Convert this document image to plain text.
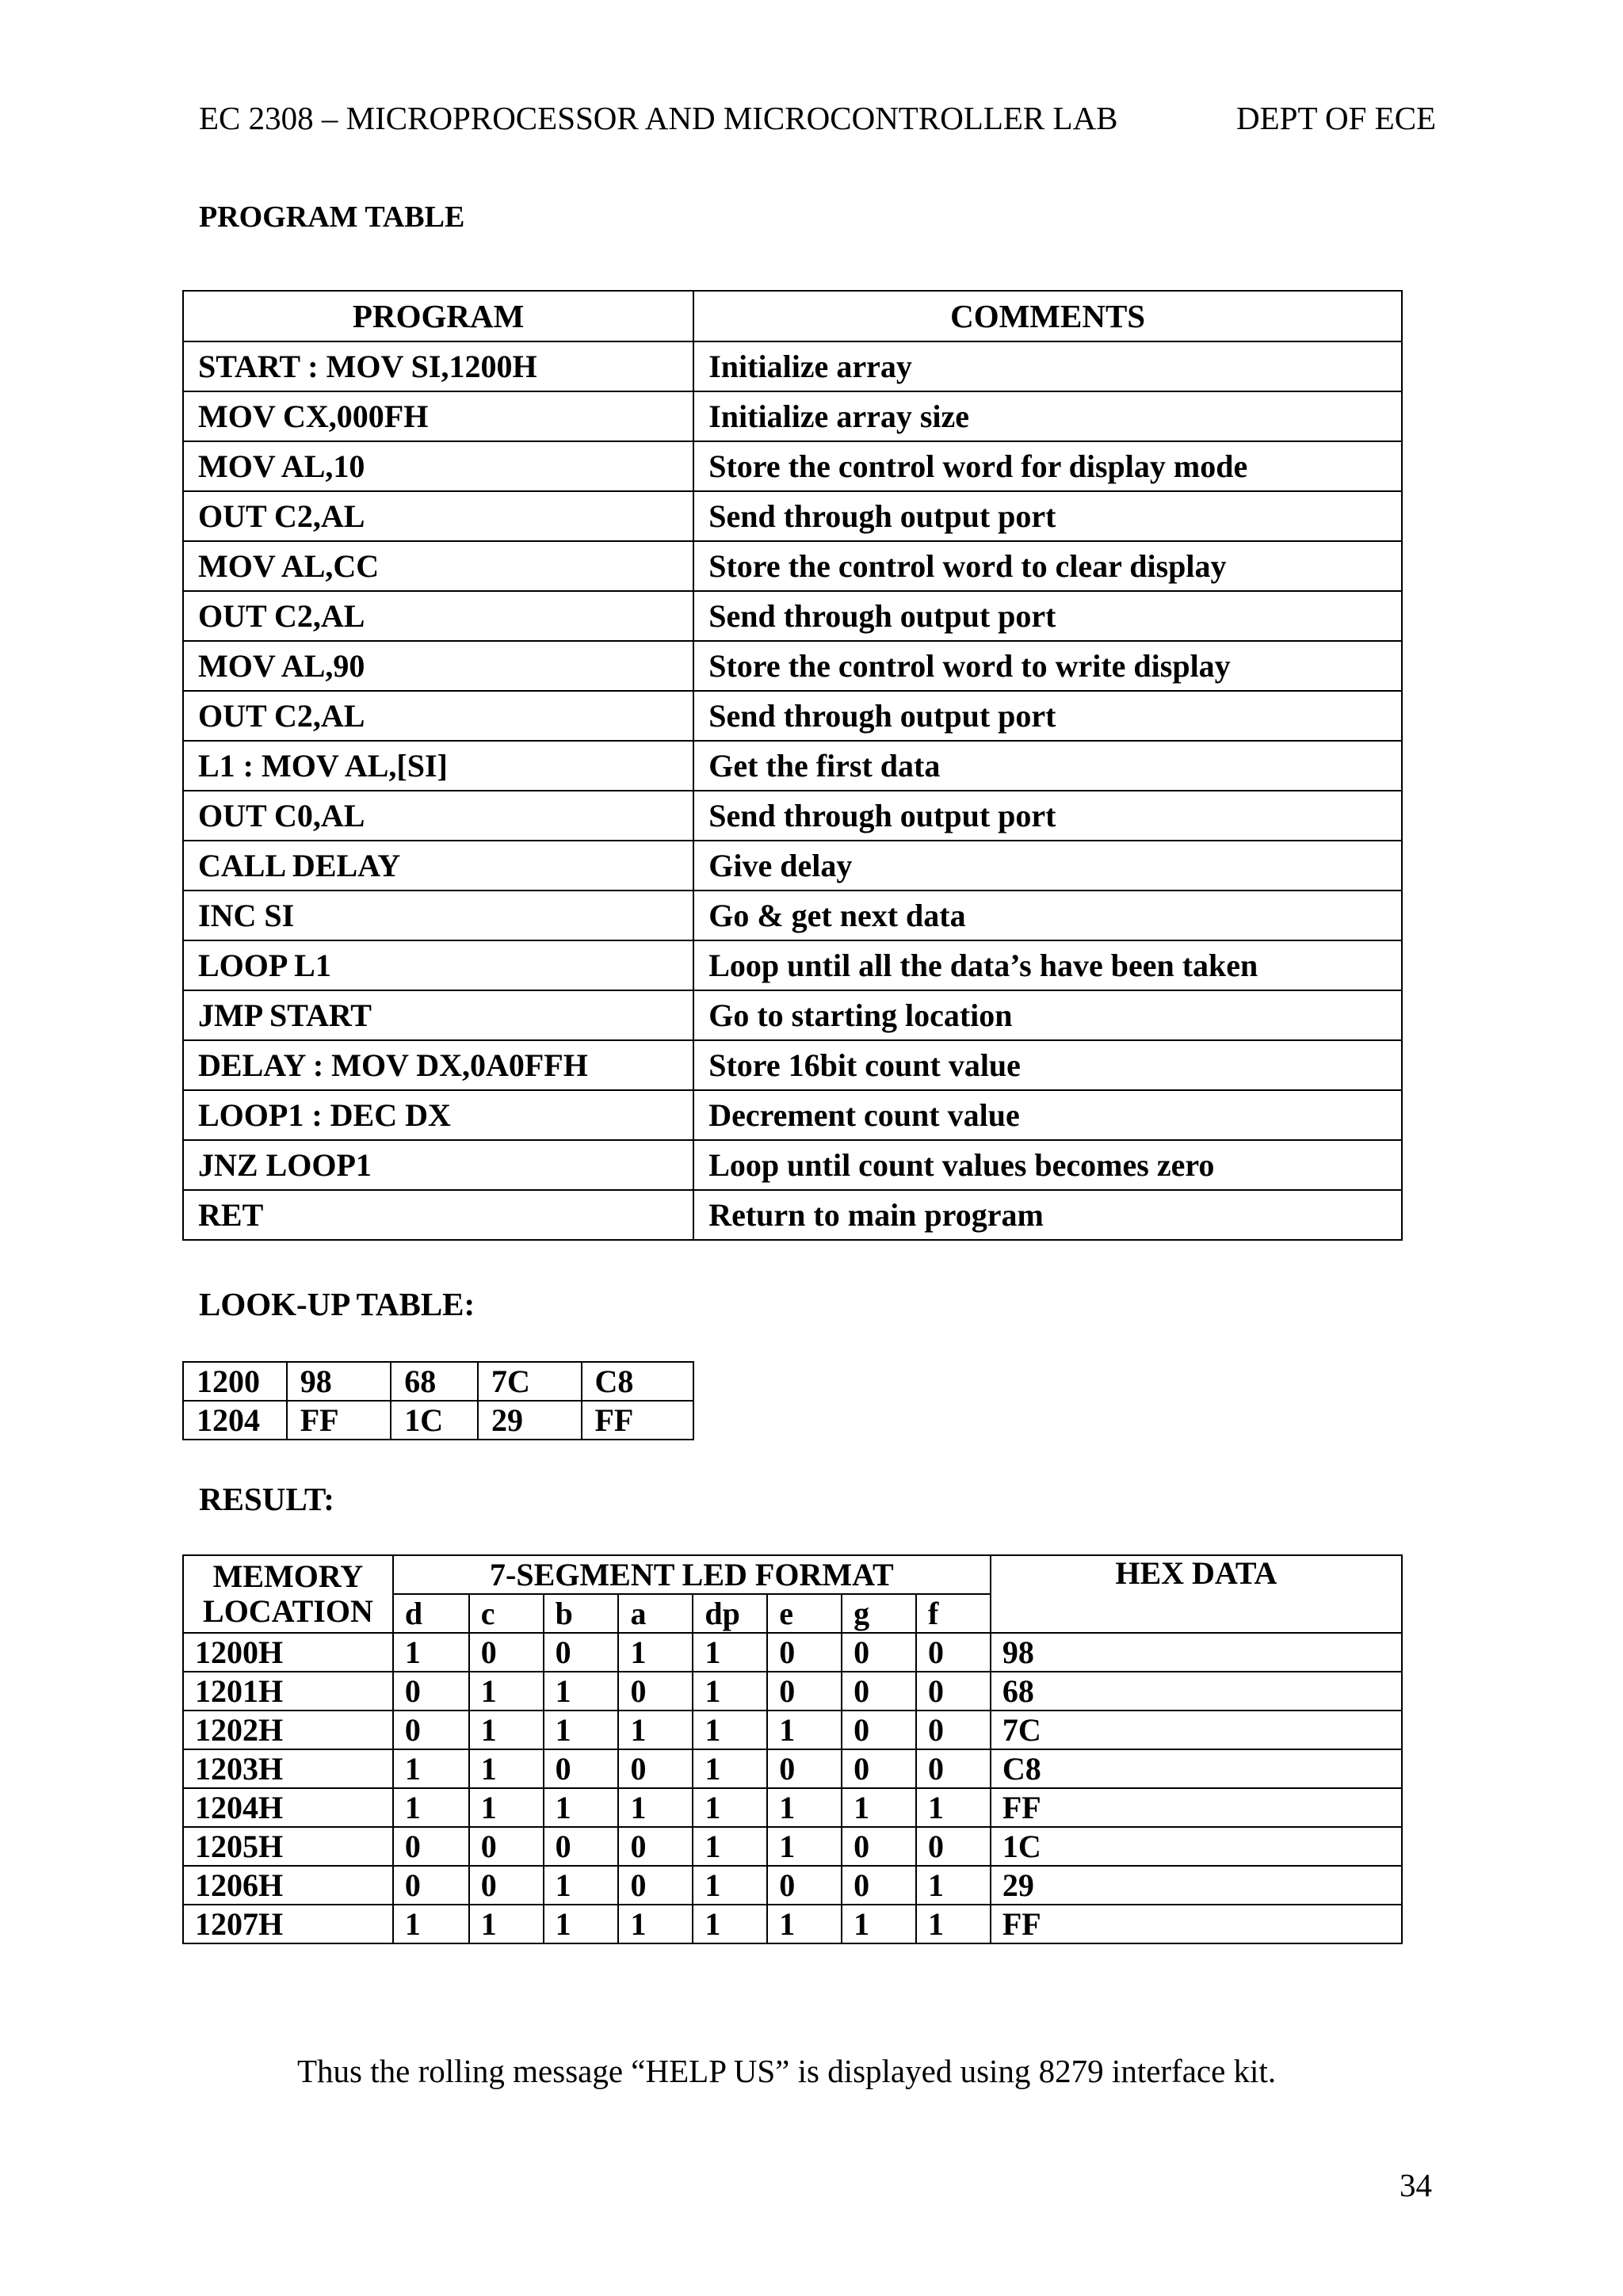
EC 2308 – MICROPROCESSOR AND MICROCONTROLLER LAB	DEPT OF ECE
PROGRAM TABLE
PROGRAM	COMMENTS
START : MOV SI,1200H	Initialize array
MOV CX,000FH	Initialize array size
MOV AL,10	Store the control word for display mode
OUT C2,AL	Send through output port
MOV AL,CC	Store the control word to clear display
OUT C2,AL	Send through output port
MOV AL,90	Store the control word to write display
OUT C2,AL	Send through output port
L1 : MOV AL,[SI]	Get the first data
OUT C0,AL	Send through output port
CALL DELAY	Give delay
INC SI	Go & get next data
LOOP L1	Loop until all the data’s have been taken
JMP START	Go to starting location
DELAY : MOV DX,0A0FFH	Store 16bit count value
LOOP1 : DEC DX	Decrement count value
JNZ LOOP1	Loop until count values becomes zero
RET	Return to main program
LOOK-UP TABLE:
1200	98	68	7C	C8
1204	FF	1C	29	FF
RESULT:
MEMORY
LOCATION	7-SEGMENT LED FORMAT								HEX DATA
	d	c	b	a	dp	e	g	f	
1200H	1	0	0	1	1	0	0	0	98
1201H	0	1	1	0	1	0	0	0	68
1202H	0	1	1	1	1	1	0	0	7C
1203H	1	1	0	0	1	0	0	0	C8
1204H	1	1	1	1	1	1	1	1	FF
1205H	0	0	0	0	1	1	0	0	1C
1206H	0	0	1	0	1	0	0	1	29
1207H	1	1	1	1	1	1	1	1	FF
Thus the rolling message “HELP US” is displayed using 8279 interface kit.
34
